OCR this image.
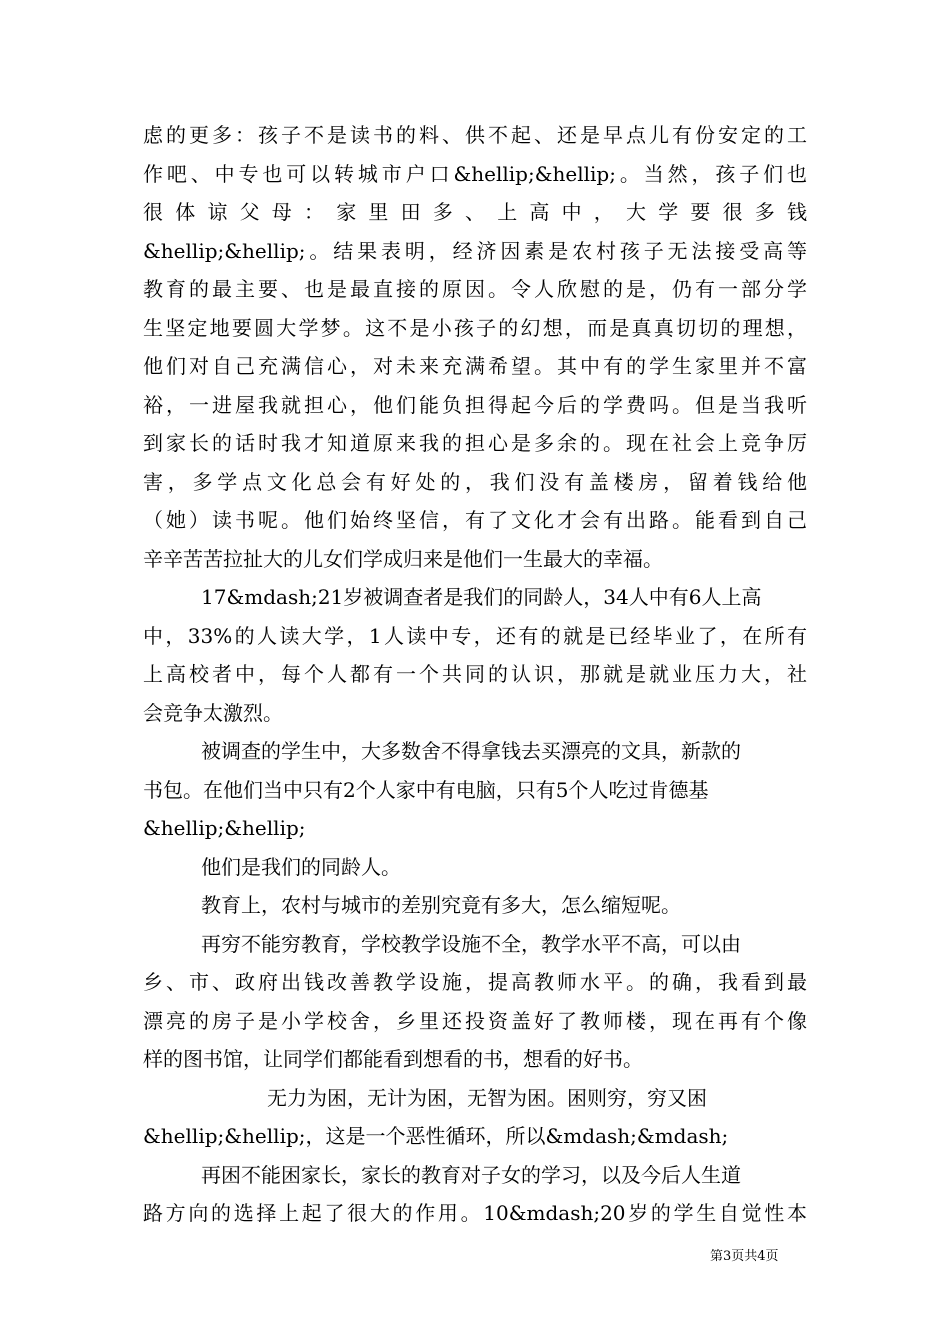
虑的更多：孩子不是读书的料、供不起、还是早点儿有份安定的工
作吧、中专也可以转城市户口&hellip;&hellip;。当然，孩子们也
很 体 谅 父 母 ： 家 里 田 多 、 上 高 中 ， 大 学 要 很 多 钱
&hellip;&hellip;。结果表明，经济因素是农村孩子无法接受高等
教育的最主要、也是最直接的原因。令人欣慰的是，仍有一部分学
生坚定地要圆大学梦。这不是小孩子的幻想，而是真真切切的理想，
他们对自己充满信心，对未来充满希望。其中有的学生家里并不富
裕，一进屋我就担心，他们能负担得起今后的学费吗。但是当我听
到家长的话时我才知道原来我的担心是多余的。现在社会上竞争厉
害，多学点文化总会有好处的，我们没有盖楼房，留着钱给他
（她）读书呢。他们始终坚信，有了文化才会有出路。能看到自己
辛辛苦苦拉扯大的儿女们学成归来是他们一生最大的幸福。
17&mdash;21岁被调查者是我们的同龄人，34人中有6人上高
中，33%的人读大学，1人读中专，还有的就是已经毕业了，在所有
上高校者中，每个人都有一个共同的认识，那就是就业压力大，社
会竞争太激烈。
被调查的学生中，大多数舍不得拿钱去买漂亮的文具，新款的
书包。在他们当中只有2个人家中有电脑，只有5个人吃过肯德基
&hellip;&hellip;
他们是我们的同龄人。
教育上，农村与城市的差别究竟有多大，怎么缩短呢。
再穷不能穷教育，学校教学设施不全，教学水平不高，可以由
乡、市、政府出钱改善教学设施，提高教师水平。的确，我看到最
漂亮的房子是小学校舍，乡里还投资盖好了教师楼，现在再有个像
样的图书馆，让同学们都能看到想看的书，想看的好书。
无力为困，无计为困，无智为困。困则穷，穷又困
&hellip;&hellip;，这是一个恶性循环，所以&mdash;&mdash;
再困不能困家长，家长的教育对子女的学习，以及今后人生道
路方向的选择上起了很大的作用。10&mdash;20岁的学生自觉性本
第3页共4页
